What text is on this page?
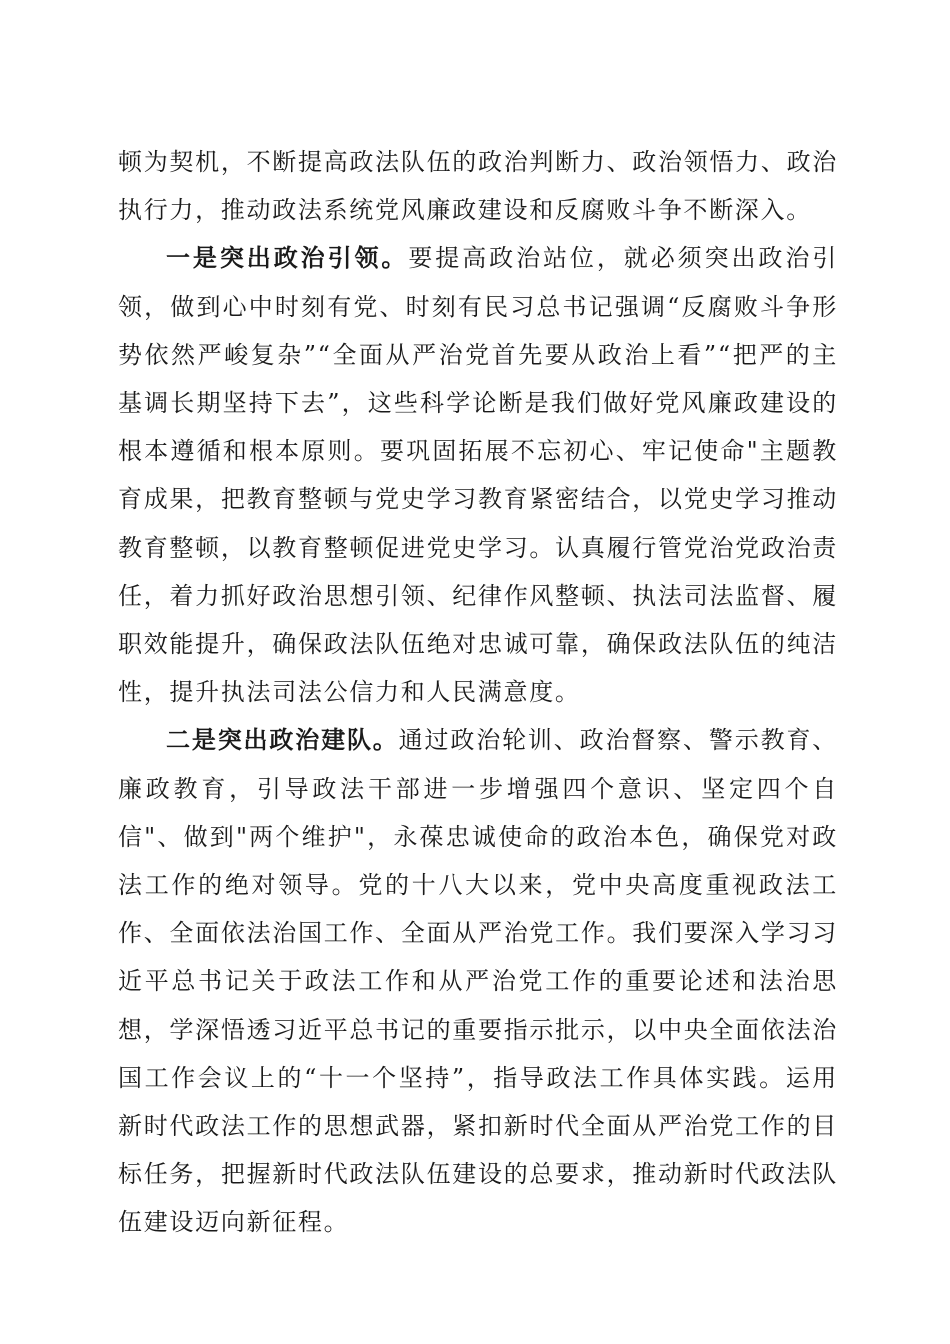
顿为契机，不断提高政法队伍的政治判断力、政治领悟力、政治执行力，推动政法系统党风廉政建设和反腐败斗争不断深入。

一是突出政治引领。要提高政治站位，就必须突出政治引领，做到心中时刻有党、时刻有民习总书记强调“反腐败斗争形势依然严峻复杂”“全面从严治党首先要从政治上看”“把严的主基调长期坚持下去”，这些科学论断是我们做好党风廉政建设的根本遵循和根本原则。要巩固拓展不忘初心、牢记使命"主题教育成果，把教育整顿与党史学习教育紧密结合，以党史学习推动教育整顿，以教育整顿促进党史学习。认真履行管党治党政治责任，着力抓好政治思想引领、纪律作风整顿、执法司法监督、履职效能提升，确保政法队伍绝对忠诚可靠，确保政法队伍的纯洁性，提升执法司法公信力和人民满意度。

二是突出政治建队。通过政治轮训、政治督察、警示教育、廉政教育，引导政法干部进一步增强四个意识、坚定四个自信"、做到"两个维护"，永葆忠诚使命的政治本色，确保党对政法工作的绝对领导。党的十八大以来，党中央高度重视政法工作、全面依法治国工作、全面从严治党工作。我们要深入学习习近平总书记关于政法工作和从严治党工作的重要论述和法治思想，学深悟透习近平总书记的重要指示批示，以中央全面依法治国工作会议上的“十一个坚持”，指导政法工作具体实践。运用新时代政法工作的思想武器，紧扣新时代全面从严治党工作的目标任务，把握新时代政法队伍建设的总要求，推动新时代政法队伍建设迈向新征程。
